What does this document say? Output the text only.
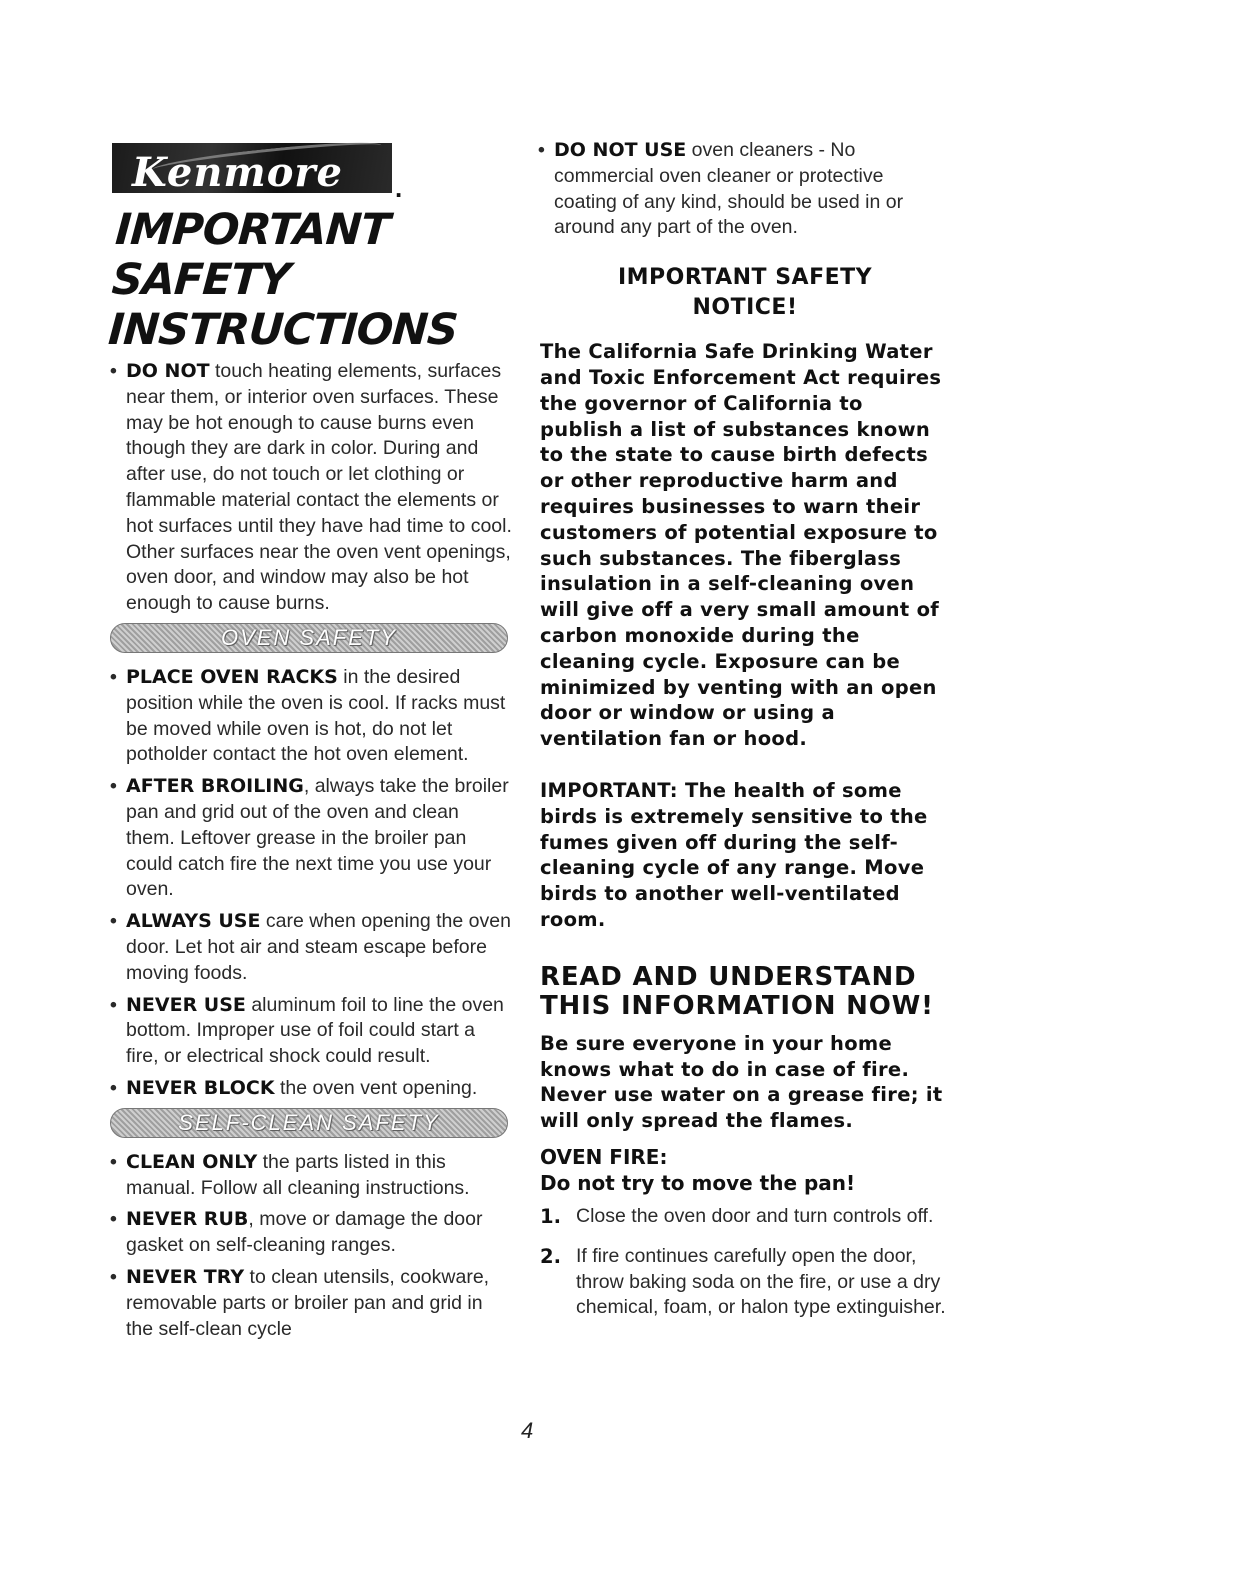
Kenmore .
IMPORTANT SAFETY
INSTRUCTIONS

• DO NOT touch heating elements, surfaces near them, or interior oven surfaces. These may be hot enough to cause burns even though they are dark in color. During and after use, do not touch or let clothing or flammable material contact the elements or hot surfaces until they have had time to cool. Other surfaces near the oven vent openings, oven door, and window may also be hot enough to cause burns.

OVEN SAFETY

• PLACE OVEN RACKS in the desired position while the oven is cool. If racks must be moved while oven is hot, do not let potholder contact the hot oven element.

• AFTER BROILING, always take the broiler pan and grid out of the oven and clean them. Leftover grease in the broiler pan could catch fire the next time you use your oven.

• ALWAYS USE care when opening the oven door. Let hot air and steam escape before moving foods.

• NEVER USE aluminum foil to line the oven bottom. Improper use of foil could start a fire, or electrical shock could result.

• NEVER BLOCK the oven vent opening.

SELF-CLEAN SAFETY

• CLEAN ONLY the parts listed in this manual. Follow all cleaning instructions.

• NEVER RUB, move or damage the door gasket on self-cleaning ranges.

• NEVER TRY to clean utensils, cookware, removable parts or broiler pan and grid in the self-clean cycle

• DO NOT USE oven cleaners - No commercial oven cleaner or protective coating of any kind, should be used in or around any part of the oven.

IMPORTANT SAFETY
NOTICE!

The California Safe Drinking Water and Toxic Enforcement Act requires the governor of California to publish a list of substances known to the state to cause birth defects or other reproductive harm and requires businesses to warn their customers of potential exposure to such substances. The fiberglass insulation in a self-cleaning oven will give off a very small amount of carbon monoxide during the cleaning cycle. Exposure can be minimized by venting with an open door or window or using a ventilation fan or hood.

IMPORTANT: The health of some birds is extremely sensitive to the fumes given off during the self-cleaning cycle of any range. Move birds to another well-ventilated room.

READ AND UNDERSTAND THIS INFORMATION NOW!

Be sure everyone in your home knows what to do in case of fire. Never use water on a grease fire; it will only spread the flames.

OVEN FIRE:
Do not try to move the pan!

1. Close the oven door and turn controls off.

2. If fire continues carefully open the door, throw baking soda on the fire, or use a dry chemical, foam, or halon type extinguisher.

4
